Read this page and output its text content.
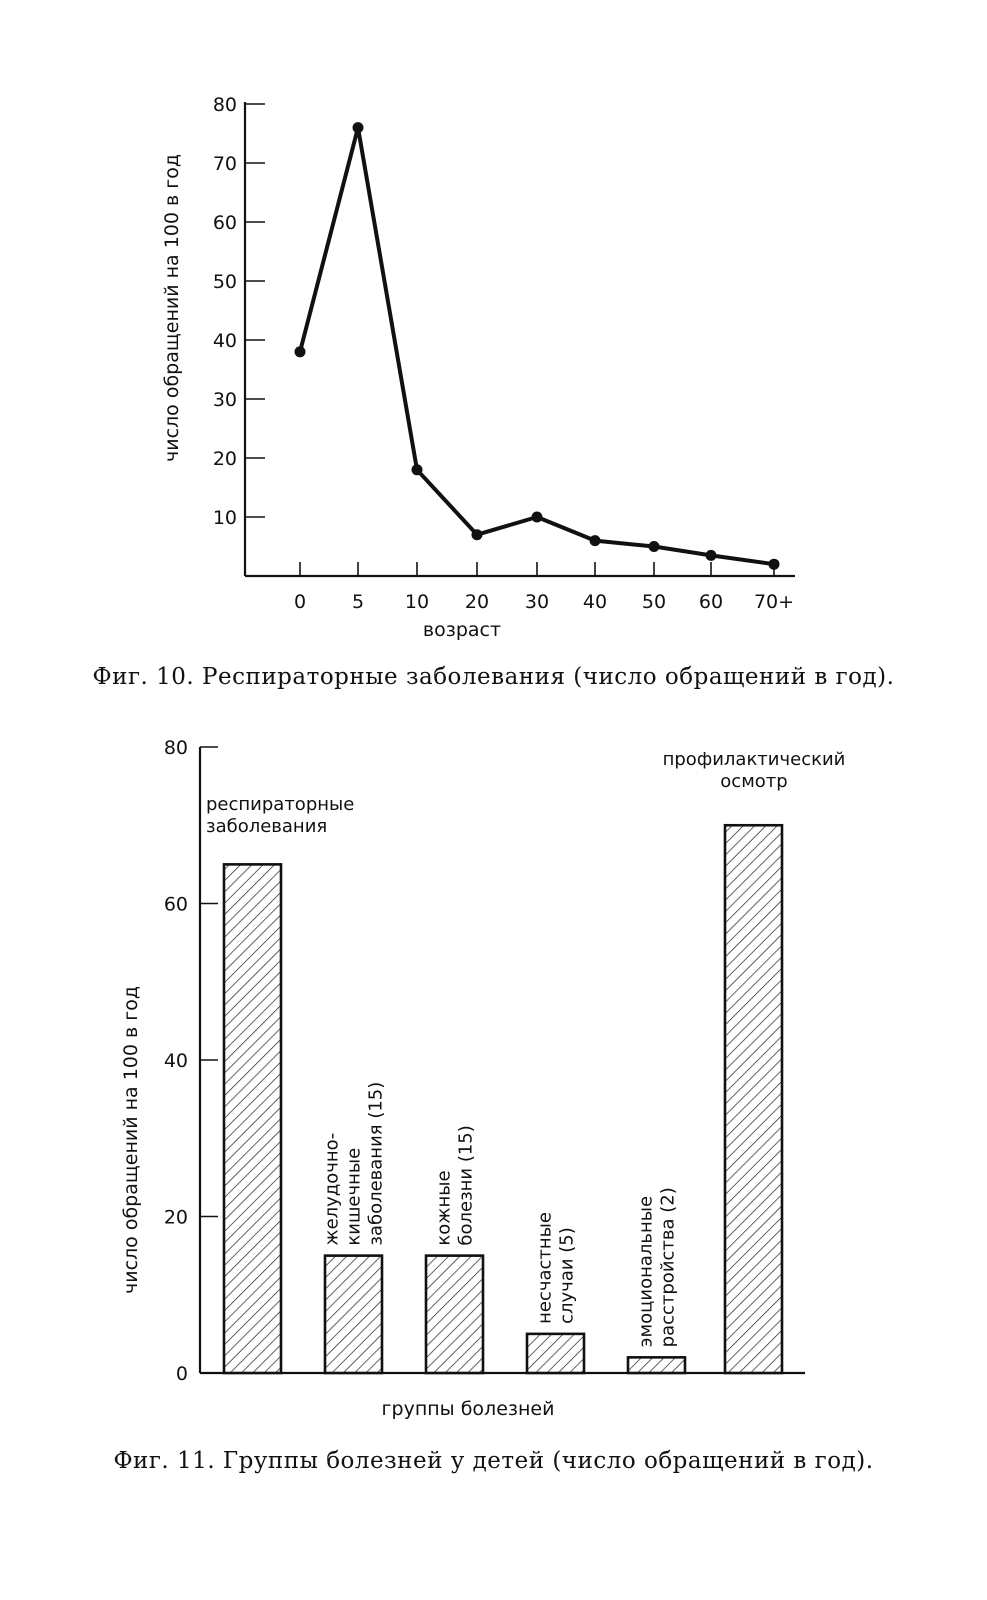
10
20
30
40
50
60
70
80
0 5 10 20 30 40 50 60 70+
возраст
число обращений на 100 в год
Фиг. 10. Респираторные заболевания (число обращений в год).
0
20
40
60
80
респираторные
заболевания
профилактический
осмотр
желудочно- кишечные заболевания (15)	кожные болезни (15)
несчастные случаи (5)	эмоциональные расстройства (2)
группы болезней
число обращений на 100 в год
Фиг. 11. Группы болезней у детей (число обращений в год).
